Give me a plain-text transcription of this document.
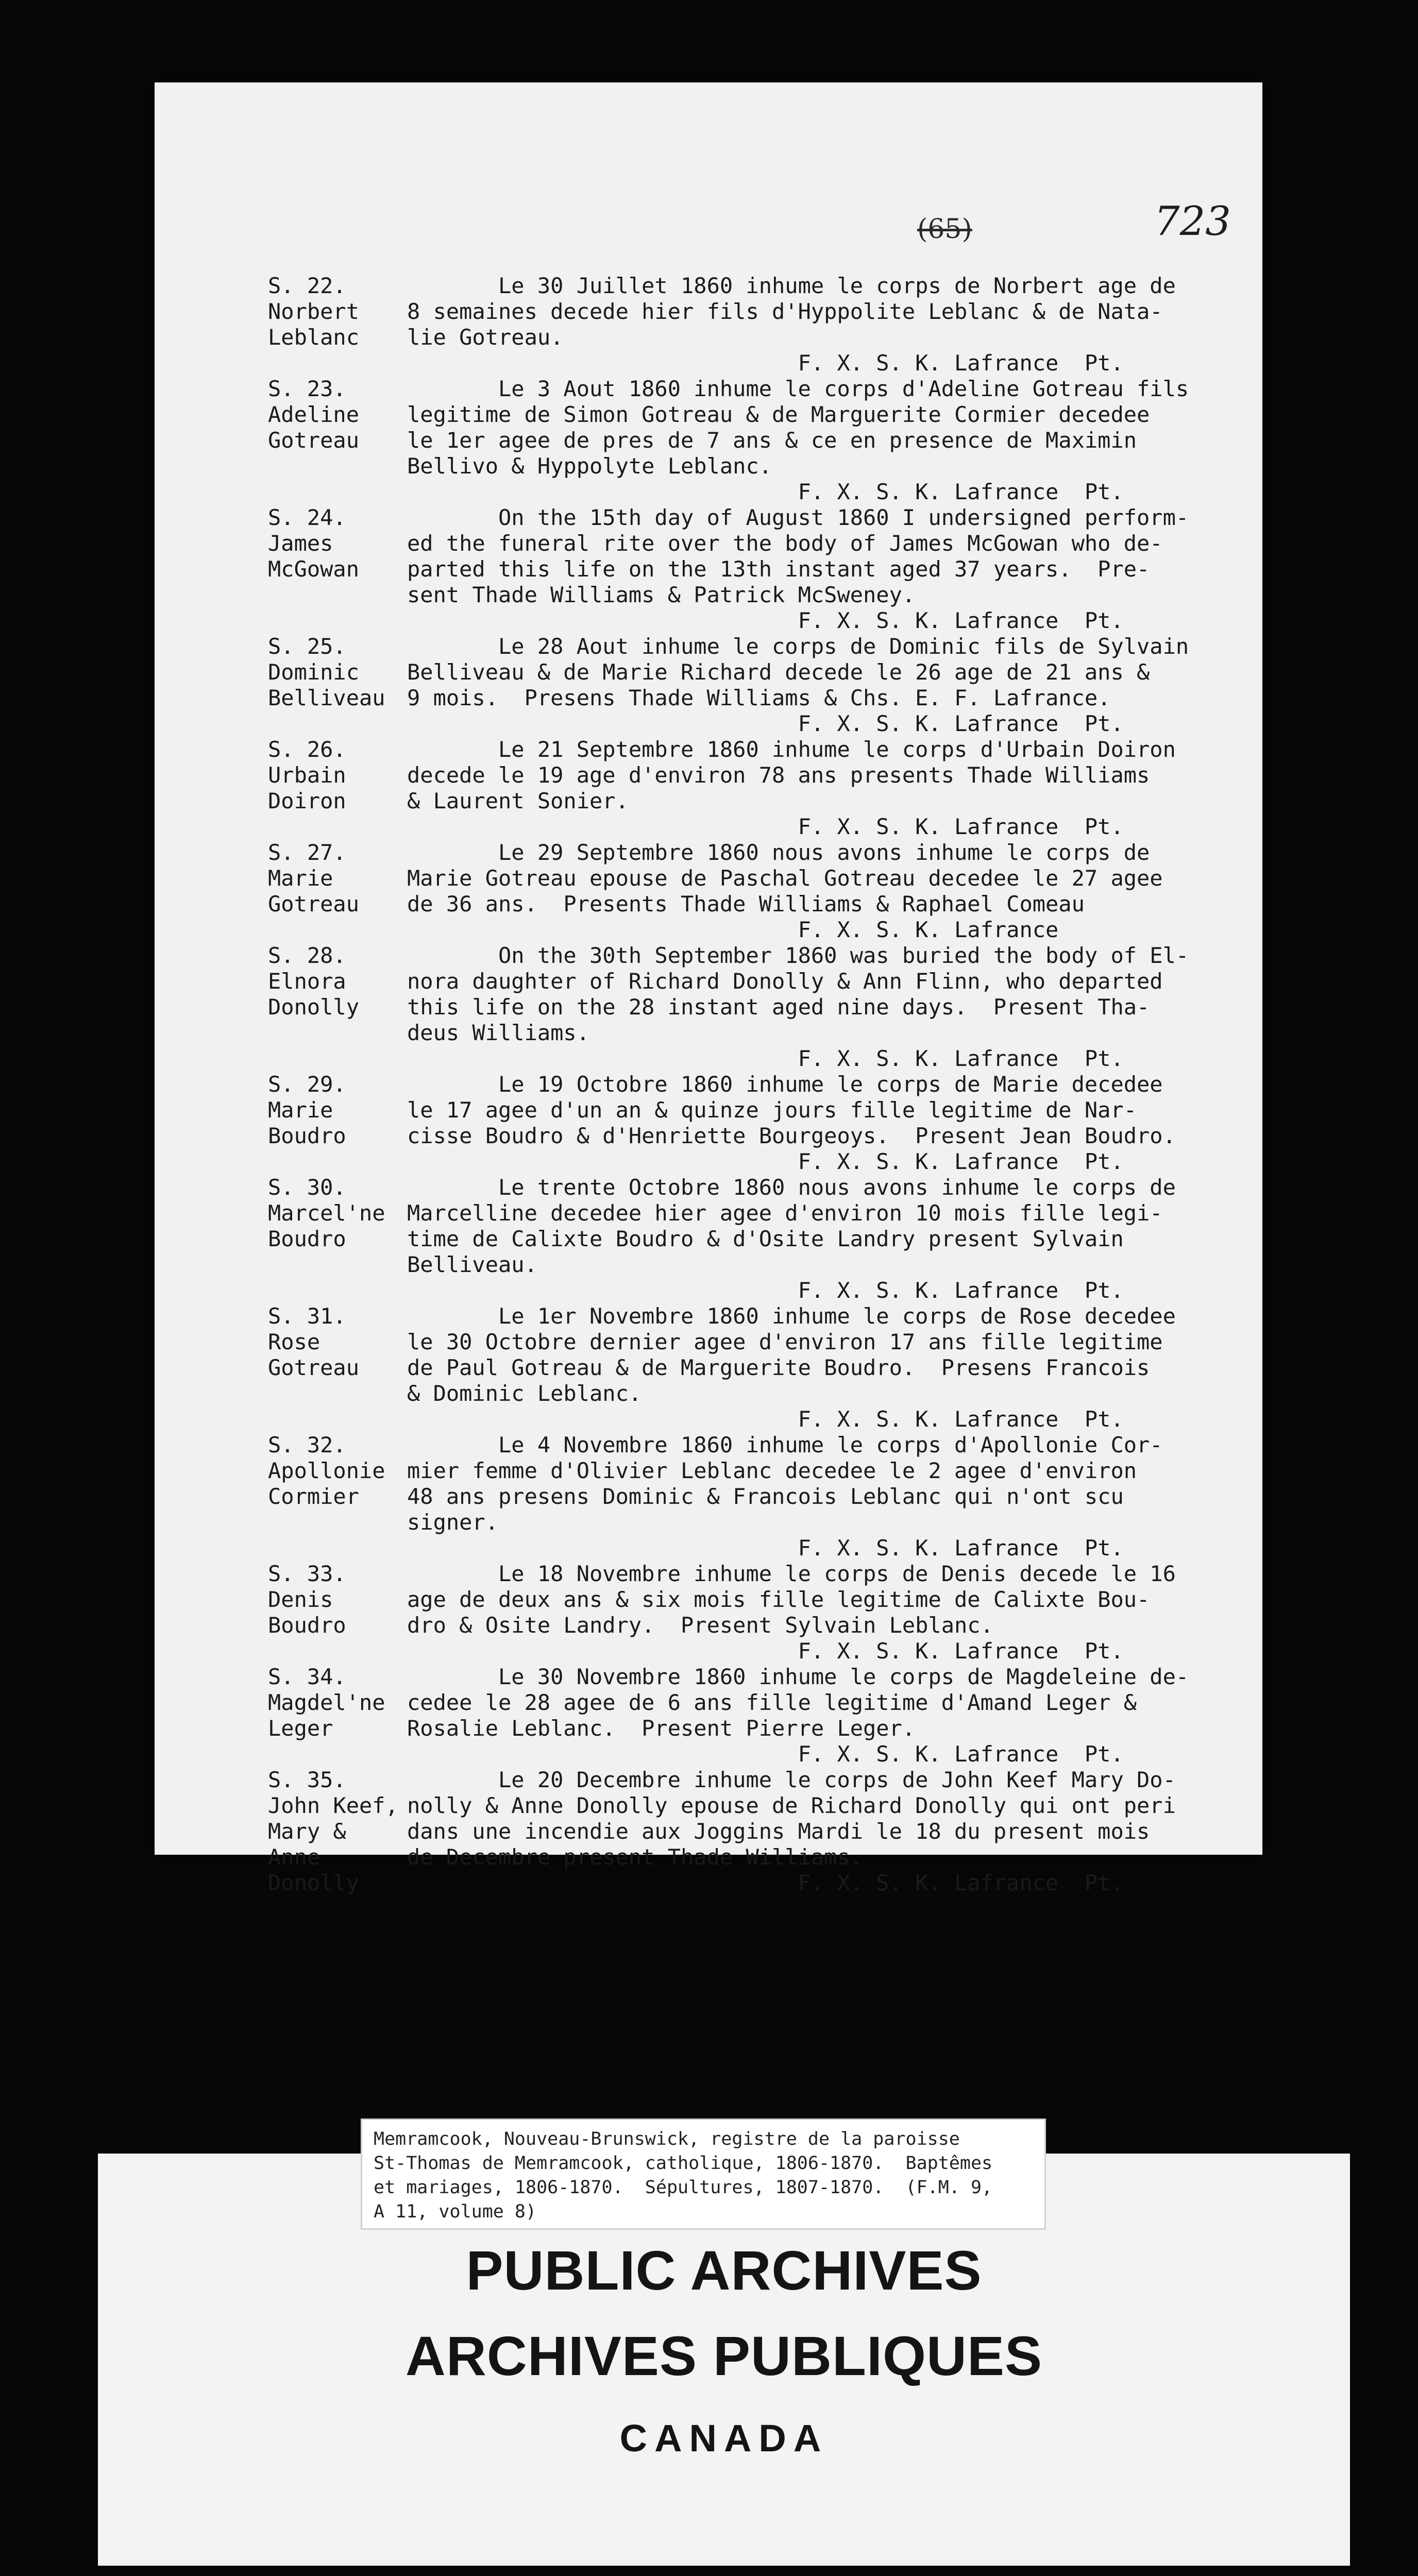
(65)	723
S. 22.
Norbert
Leblanc
Le 30 Juillet 1860 inhume le corps de Norbert age de
8 semaines decede hier fils d'Hyppolite Leblanc & de Nata-
lie Gotreau.
F. X. S. K. Lafrance  Pt.
S. 23.
Adeline
Gotreau
Le 3 Aout 1860 inhume le corps d'Adeline Gotreau fils
legitime de Simon Gotreau & de Marguerite Cormier decedee
le 1er agee de pres de 7 ans & ce en presence de Maximin
Bellivo & Hyppolyte Leblanc.
F. X. S. K. Lafrance  Pt.
S. 24.
James
McGowan
On the 15th day of August 1860 I undersigned perform-
ed the funeral rite over the body of James McGowan who de-
parted this life on the 13th instant aged 37 years.  Pre-
sent Thade Williams & Patrick McSweney.
F. X. S. K. Lafrance  Pt.
S. 25.
Dominic
Belliveau
Le 28 Aout inhume le corps de Dominic fils de Sylvain
Belliveau & de Marie Richard decede le 26 age de 21 ans &
9 mois.  Presens Thade Williams & Chs. E. F. Lafrance.
F. X. S. K. Lafrance  Pt.
S. 26.
Urbain
Doiron
Le 21 Septembre 1860 inhume le corps d'Urbain Doiron
decede le 19 age d'environ 78 ans presents Thade Williams
& Laurent Sonier.
F. X. S. K. Lafrance  Pt.
S. 27.
Marie
Gotreau
Le 29 Septembre 1860 nous avons inhume le corps de
Marie Gotreau epouse de Paschal Gotreau decedee le 27 agee
de 36 ans.  Presents Thade Williams & Raphael Comeau
F. X. S. K. Lafrance
S. 28.
Elnora
Donolly
On the 30th September 1860 was buried the body of El-
nora daughter of Richard Donolly & Ann Flinn, who departed
this life on the 28 instant aged nine days.  Present Tha-
deus Williams.
F. X. S. K. Lafrance  Pt.
S. 29.
Marie
Boudro
Le 19 Octobre 1860 inhume le corps de Marie decedee
le 17 agee d'un an & quinze jours fille legitime de Nar-
cisse Boudro & d'Henriette Bourgeoys.  Present Jean Boudro.
F. X. S. K. Lafrance  Pt.
S. 30.
Marcel'ne
Boudro
Le trente Octobre 1860 nous avons inhume le corps de
Marcelline decedee hier agee d'environ 10 mois fille legi-
time de Calixte Boudro & d'Osite Landry present Sylvain
Belliveau.
F. X. S. K. Lafrance  Pt.
S. 31.
Rose
Gotreau
Le 1er Novembre 1860 inhume le corps de Rose decedee
le 30 Octobre dernier agee d'environ 17 ans fille legitime
de Paul Gotreau & de Marguerite Boudro.  Presens Francois
& Dominic Leblanc.
F. X. S. K. Lafrance  Pt.
S. 32.
Apollonie
Cormier
Le 4 Novembre 1860 inhume le corps d'Apollonie Cor-
mier femme d'Olivier Leblanc decedee le 2 agee d'environ
48 ans presens Dominic & Francois Leblanc qui n'ont scu
signer.
F. X. S. K. Lafrance  Pt.
S. 33.
Denis
Boudro
Le 18 Novembre inhume le corps de Denis decede le 16
age de deux ans & six mois fille legitime de Calixte Bou-
dro & Osite Landry.  Present Sylvain Leblanc.
F. X. S. K. Lafrance  Pt.
S. 34.
Magdel'ne
Leger
Le 30 Novembre 1860 inhume le corps de Magdeleine de-
cedee le 28 agee de 6 ans fille legitime d'Amand Leger &
Rosalie Leblanc.  Present Pierre Leger.
F. X. S. K. Lafrance  Pt.
S. 35.
John Keef,
Mary &
Anne
Donolly
Le 20 Decembre inhume le corps de John Keef Mary Do-
nolly & Anne Donolly epouse de Richard Donolly qui ont peri
dans une incendie aux Joggins Mardi le 18 du present mois
de Decembre present Thade Williams.
F. X. S. K. Lafrance  Pt.
PUBLIC ARCHIVES
ARCHIVES PUBLIQUES
CANADA
Memramcook, Nouveau-Brunswick, registre de la paroisse
St-Thomas de Memramcook, catholique, 1806-1870.  Baptêmes
et mariages, 1806-1870.  Sépultures, 1807-1870.  (F.M. 9,
A 11, volume 8)
